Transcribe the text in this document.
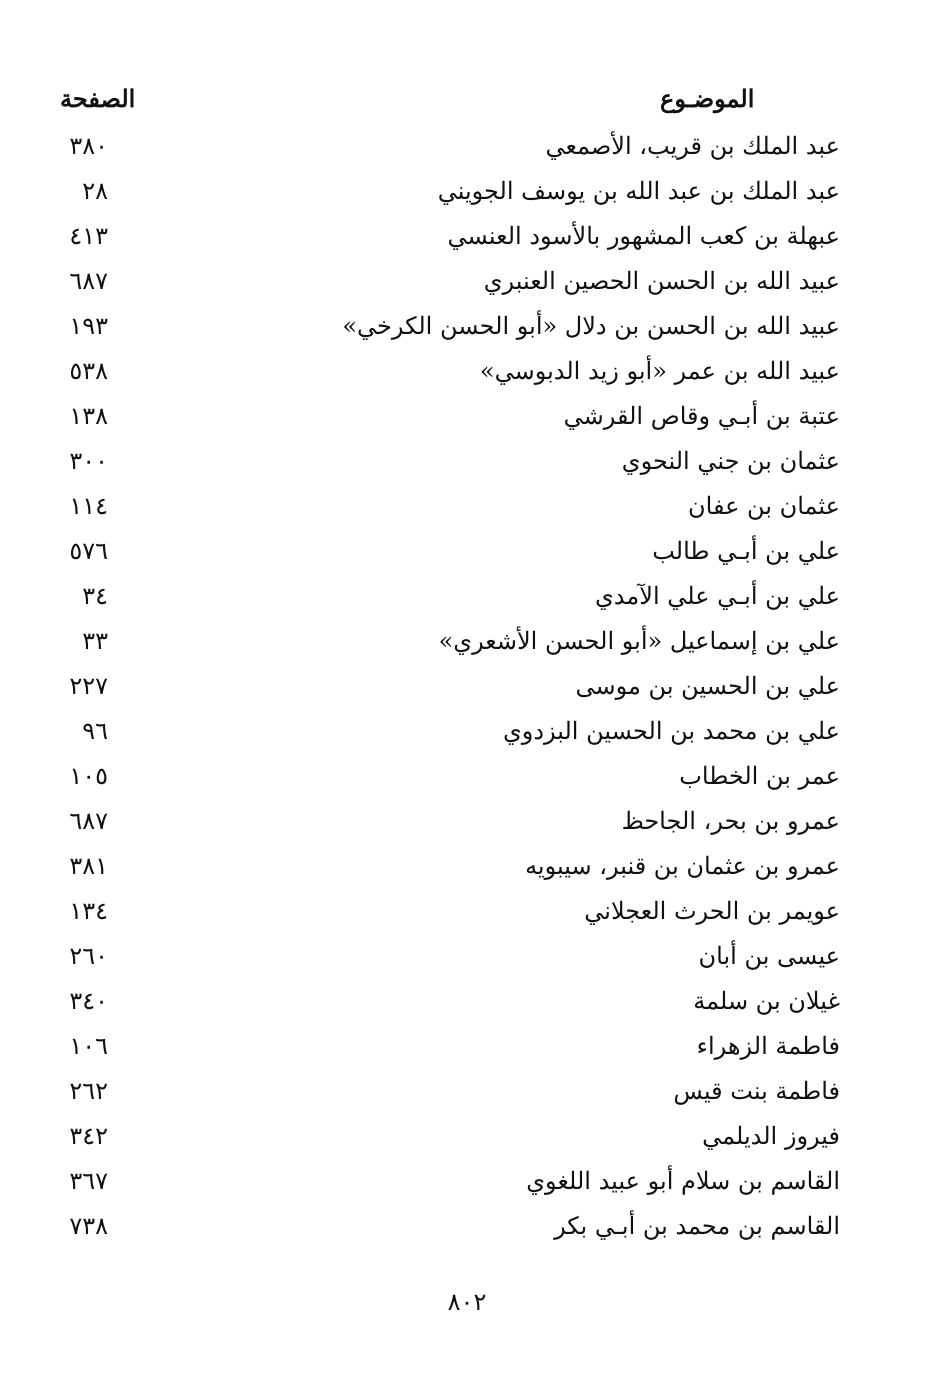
الموضـوع
الصفحة
عبد الملك بن قريب، الأصمعي
٣٨٠
عبد الملك بن عبد الله بن يوسف الجويني
٢٨
عبهلة بن كعب المشهور بالأسود العنسي
٤١٣
عبيد الله بن الحسن الحصين العنبري
٦٨٧
عبيد الله بن الحسن بن دلال «أبو الحسن الكرخي»
١٩٣
عبيد الله بن عمر «أبو زيد الدبوسي»
٥٣٨
عتبة بن أبـي وقاص القرشي
١٣٨
عثمان بن جني النحوي
٣٠٠
عثمان بن عفان
١١٤
علي بن أبـي طالب
٥٧٦
علي بن أبـي علي الآمدي
٣٤
علي بن إسماعيل «أبو الحسن الأشعري»
٣٣
علي بن الحسين بن موسى
٢٢٧
علي بن محمد بن الحسين البزدوي
٩٦
عمر بن الخطاب
١٠٥
عمرو بن بحر، الجاحظ
٦٨٧
عمرو بن عثمان بن قنبر، سيبويه
٣٨١
عويمر بن الحرث العجلاني
١٣٤
عيسى بن أبان
٢٦٠
غيلان بن سلمة
٣٤٠
فاطمة الزهراء
١٠٦
فاطمة بنت قيس
٢٦٢
فيروز الديلمي
٣٤٢
القاسم بن سلام أبو عبيد اللغوي
٣٦٧
القاسم بن محمد بن أبـي بكر
٧٣٨
٨٠٢
